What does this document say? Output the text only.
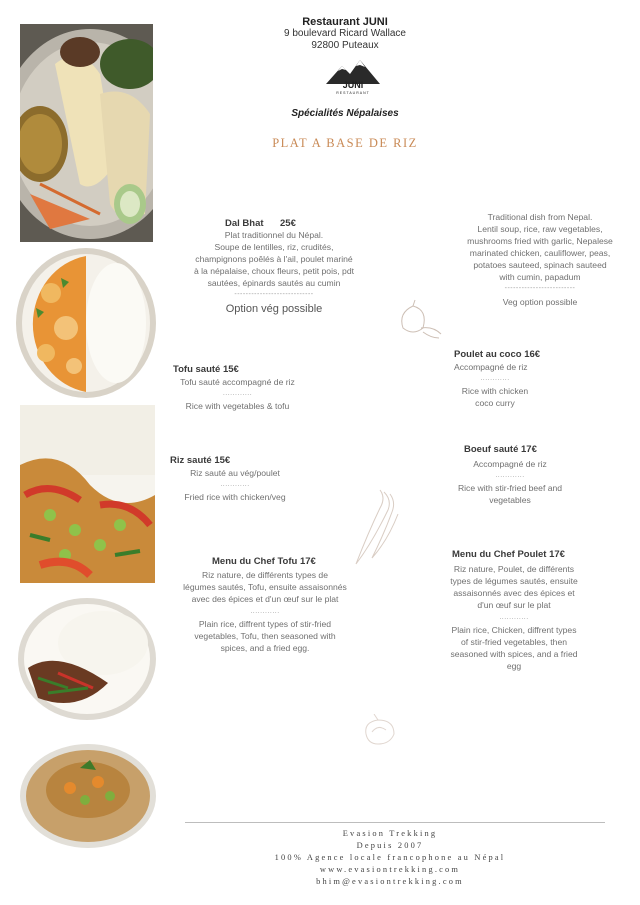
Restaurant JUNI
9 boulevard Ricard Wallace
92800 Puteaux
JUNI
RESTAURANT
Spécialités Népalaises
PLAT A BASE DE RIZ
Dal Bhat 25€
Plat traditionnel du Népal.
Soupe de lentilles, riz, crudités,
champignons poêlés à l'ail, poulet mariné
à la népalaise, choux fleurs, petit pois, pdt
sautées, épinards sautés au cumin
----------------------------
Option vég possible
Traditional dish from Nepal.
Lentil soup, rice, raw vegetables,
mushrooms fried with garlic, Nepalese
marinated chicken, cauliflower, peas,
potatoes sauteed, spinach sauteed
with cumin, papadum
-------------------------
Veg option possible
Tofu sauté 15€
Tofu sauté accompagné de riz
............
Rice with vegetables & tofu
Poulet au coco 16€
Accompagné de riz
............
Rice with chicken
coco curry
Boeuf sauté 17€
Accompagné de riz
............
Rice with stir-fried beef and
vegetables
Riz sauté 15€
Riz sauté au vég/poulet
............
Fried rice with chicken/veg
Menu du Chef Tofu 17€
Riz nature, de différents types de
légumes sautés, Tofu, ensuite assaisonnés
avec des épices et d'un œuf sur le plat
............
Plain rice, diffrent types of stir-fried
vegetables, Tofu, then seasoned with
spices, and a fried egg.
Menu du Chef Poulet 17€
Riz nature, Poulet, de différents
types de légumes sautés, ensuite
assaisonnés avec des épices et
d'un œuf sur le plat
............
Plain rice, Chicken, diffrent types
of stir-fried vegetables, then
seasoned with spices, and a fried
egg
Evasion Trekking
Depuis 2007
100% Agence locale francophone au Népal
www.evasiontrekking.com
bhim@evasiontrekking.com
